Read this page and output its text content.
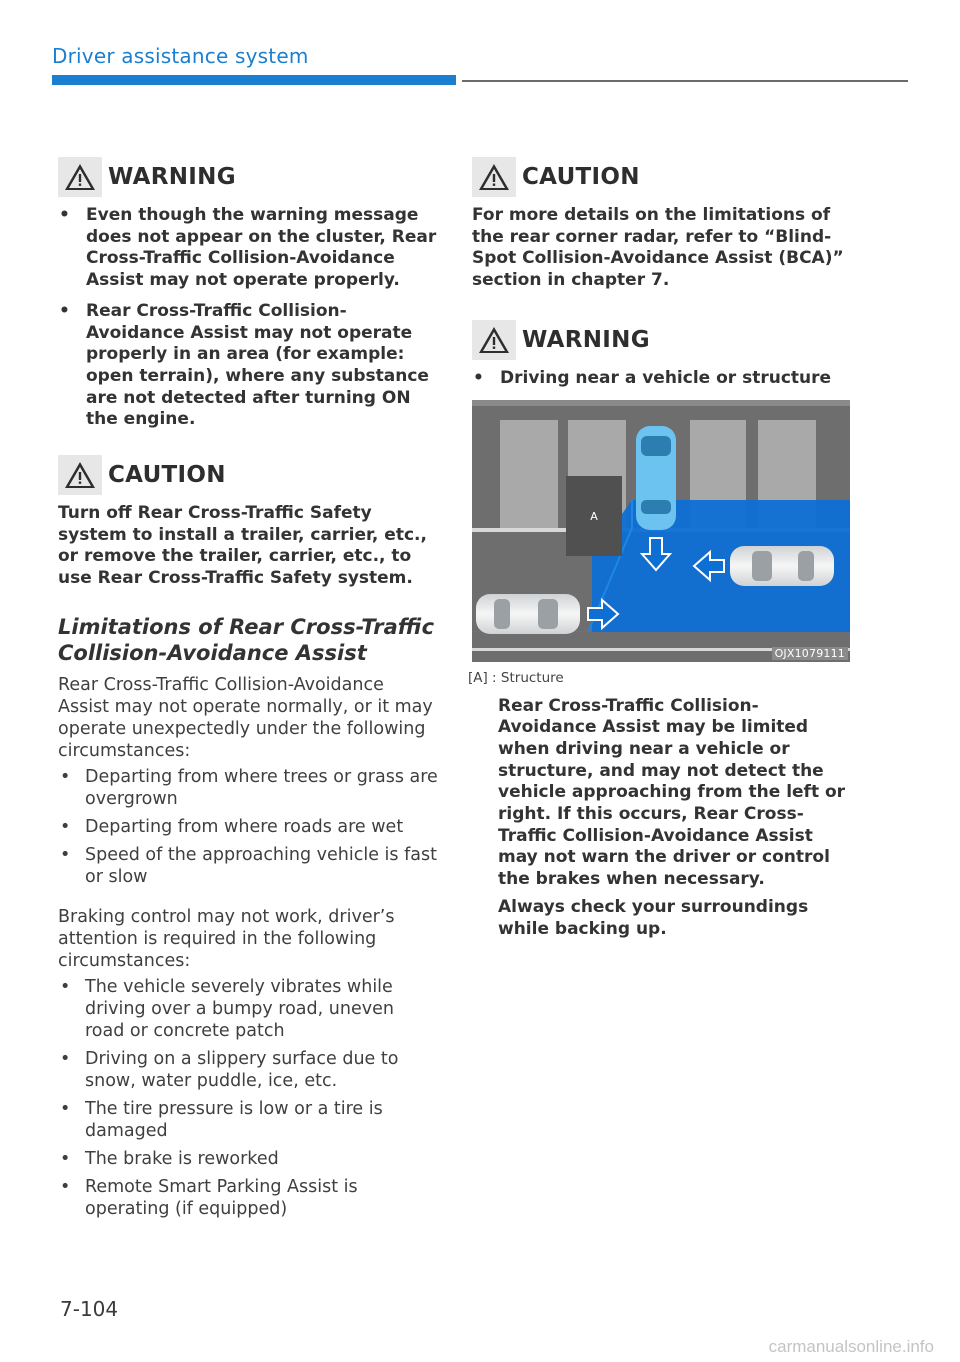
Driver assistance system
WARNING
• Even though the warning message does not appear on the cluster, Rear Cross-Traffic Collision-Avoidance Assist may not operate properly.
• Rear Cross-Traffic Collision-Avoidance Assist may not operate properly in an area (for example: open terrain), where any substance are not detected after turning ON the engine.
CAUTION

Turn off Rear Cross-Traffic Safety system to install a trailer, carrier, etc., or remove the trailer, carrier, etc., to use Rear Cross-Traffic Safety system.

Limitations of Rear Cross-Traffic Collision-Avoidance Assist

Rear Cross-Traffic Collision-Avoidance Assist may not operate normally, or it may operate unexpectedly under the following circumstances:

• Departing from where trees or grass are overgrown
• Departing from where roads are wet
• Speed of the approaching vehicle is fast or slow

Braking control may not work, driver’s attention is required in the following circumstances:

• The vehicle severely vibrates while driving over a bumpy road, uneven road or concrete patch
• Driving on a slippery surface due to snow, water puddle, ice, etc.
• The tire pressure is low or a tire is damaged
• The brake is reworked
• Remote Smart Parking Assist is operating (if equipped)
CAUTION

For more details on the limitations of the rear corner radar, refer to “Blind-Spot Collision-Avoidance Assist (BCA)” section in chapter 7.

WARNING
• Driving near a vehicle or structure
A
OJX1079111
[A] : Structure

Rear Cross-Traffic Collision-Avoidance Assist may be limited when driving near a vehicle or structure, and may not detect the vehicle approaching from the left or right. If this occurs, Rear Cross-Traffic Collision-Avoidance Assist may not warn the driver or control the brakes when necessary.

Always check your surroundings while backing up.

7-104
carmanualsonline.info
